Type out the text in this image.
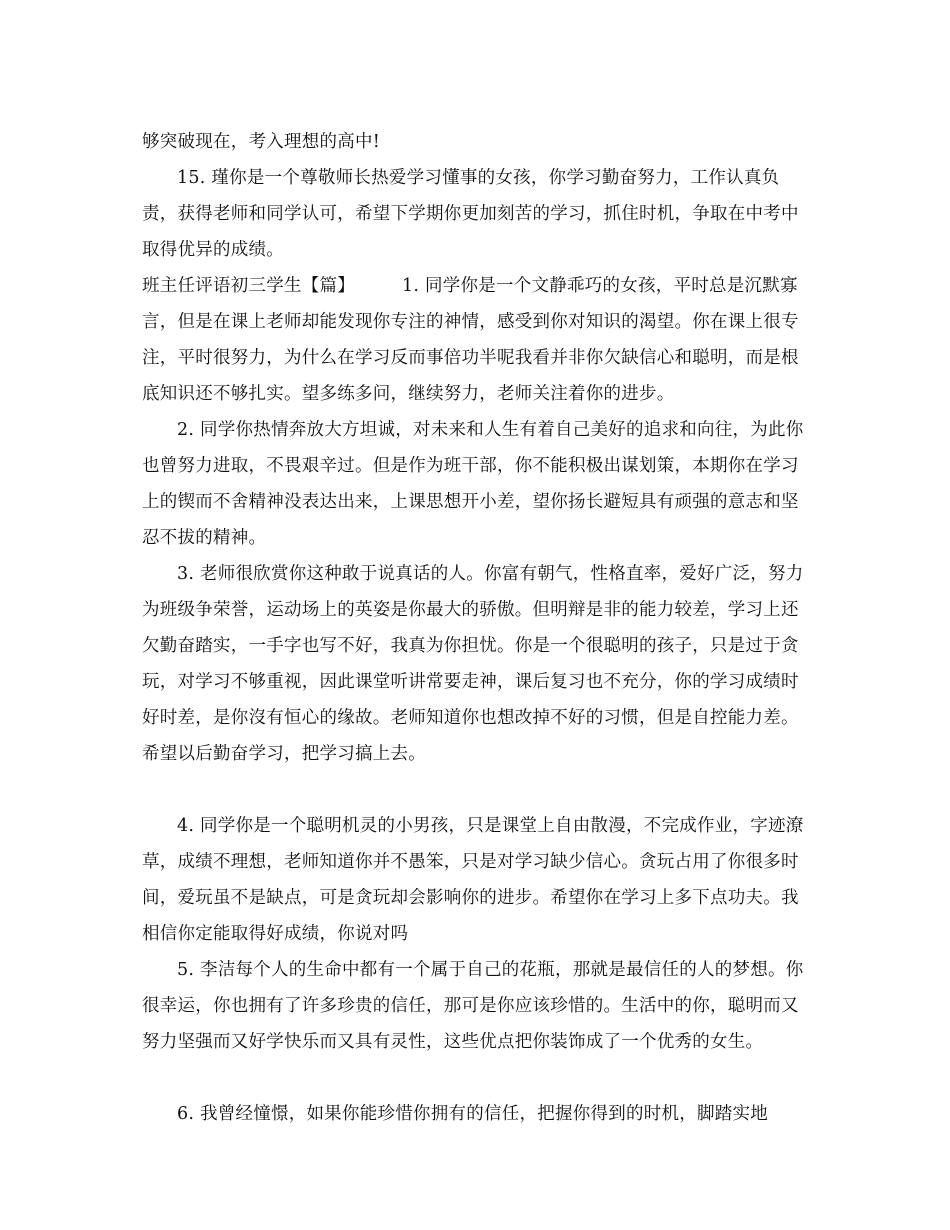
够突破现在，考入理想的高中!

15. 瑾你是一个尊敬师长热爱学习懂事的女孩，你学习勤奋努力，工作认真负责，获得老师和同学认可，希望下学期你更加刻苦的学习，抓住时机，争取在中考中取得优异的成绩。

班主任评语初三学生【篇】	1. 同学你是一个文静乖巧的女孩，平时总是沉默寡言，但是在课上老师却能发现你专注的神情，感受到你对知识的渴望。你在课上很专注，平时很努力，为什么在学习反而事倍功半呢我看并非你欠缺信心和聪明，而是根底知识还不够扎实。望多练多问，继续努力，老师关注着你的进步。

2. 同学你热情奔放大方坦诚，对未来和人生有着自己美好的追求和向往，为此你也曾努力进取，不畏艰辛过。但是作为班干部，你不能积极出谋划策，本期你在学习上的锲而不舍精神没表达出来，上课思想开小差，望你扬长避短具有顽强的意志和坚忍不拔的精神。

3. 老师很欣赏你这种敢于说真话的人。你富有朝气，性格直率，爱好广泛，努力为班级争荣誉，运动场上的英姿是你最大的骄傲。但明辩是非的能力较差，学习上还欠勤奋踏实，一手字也写不好，我真为你担忧。你是一个很聪明的孩子，只是过于贪玩，对学习不够重视，因此课堂听讲常要走神，课后复习也不充分，你的学习成绩时好时差，是你沒有恒心的缘故。老师知道你也想改掉不好的习惯，但是自控能力差。希望以后勤奋学习，把学习搞上去。

4. 同学你是一个聪明机灵的小男孩，只是课堂上自由散漫，不完成作业，字迹潦草，成绩不理想，老师知道你并不愚笨，只是对学习缺少信心。贪玩占用了你很多时间，爱玩虽不是缺点，可是贪玩却会影响你的进步。希望你在学习上多下点功夫。我相信你定能取得好成绩，你说对吗

5. 李洁每个人的生命中都有一个属于自己的花瓶，那就是最信任的人的梦想。你很幸运，你也拥有了许多珍贵的信任，那可是你应该珍惜的。生活中的你，聪明而又努力坚强而又好学快乐而又具有灵性，这些优点把你装饰成了一个优秀的女生。

6. 我曾经憧憬，如果你能珍惜你拥有的信任，把握你得到的时机，脚踏实地
